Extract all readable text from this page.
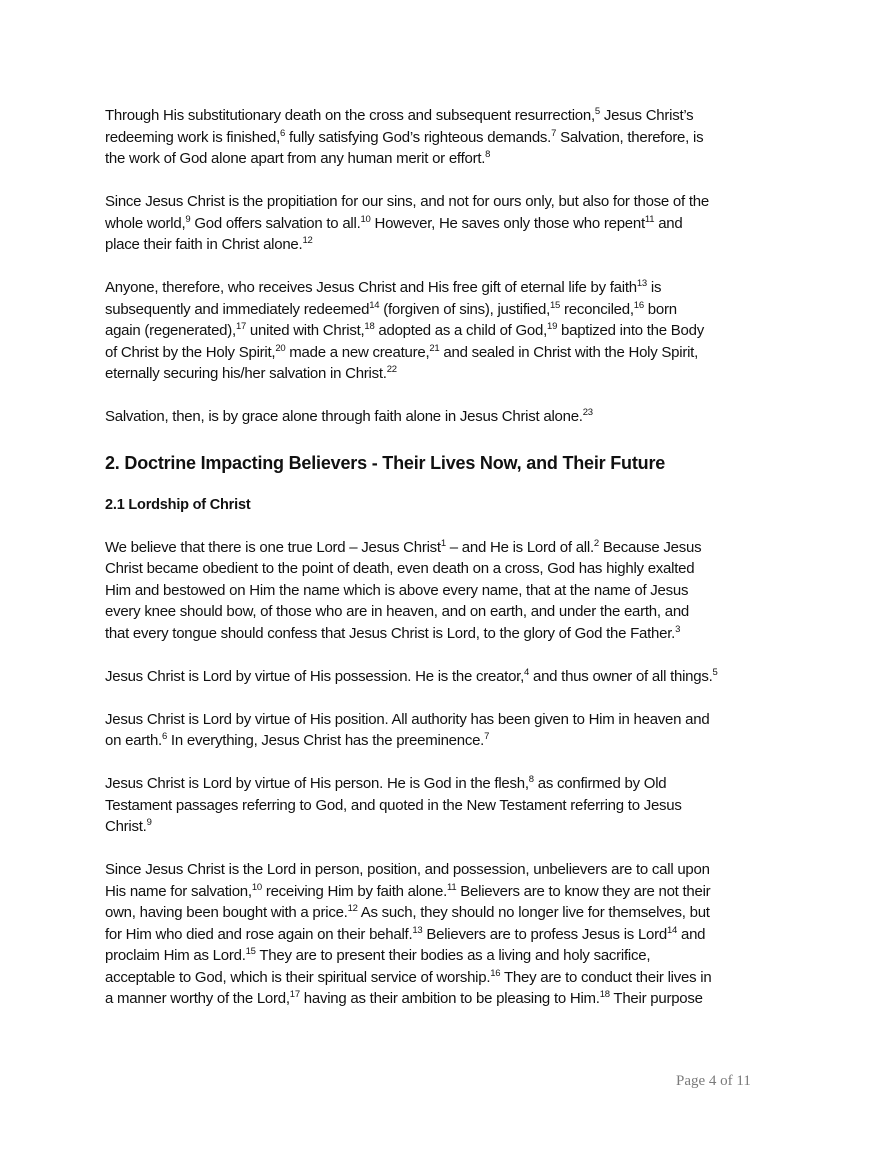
Through His substitutionary death on the cross and subsequent resurrection,$^5$ Jesus Christ’s
redeeming work is finished,$^6$ fully satisfying God’s righteous demands.$^7$ Salvation, therefore, is
the work of God alone apart from any human merit or effort.$^8$
Since Jesus Christ is the propitiation for our sins, and not for ours only, but also for those of the
whole world,$^9$ God offers salvation to all.$^{10}$ However, He saves only those who repent$^{11}$ and
place their faith in Christ alone.$^{12}$
Anyone, therefore, who receives Jesus Christ and His free gift of eternal life by faith$^{13}$ is
subsequently and immediately redeemed$^{14}$ (forgiven of sins), justified,$^{15}$ reconciled,$^{16}$ born
again (regenerated),$^{17}$ united with Christ,$^{18}$ adopted as a child of God,$^{19}$ baptized into the Body
of Christ by the Holy Spirit,$^{20}$ made a new creature,$^{21}$ and sealed in Christ with the Holy Spirit,
eternally securing his/her salvation in Christ.$^{22}$
Salvation, then, is by grace alone through faith alone in Jesus Christ alone.$^{23}$
2. Doctrine Impacting Believers - Their Lives Now, and Their Future
2.1 Lordship of Christ
We believe that there is one true Lord – Jesus Christ$^1$ – and He is Lord of all.$^2$ Because Jesus
Christ became obedient to the point of death, even death on a cross, God has highly exalted
Him and bestowed on Him the name which is above every name, that at the name of Jesus
every knee should bow, of those who are in heaven, and on earth, and under the earth, and
that every tongue should confess that Jesus Christ is Lord, to the glory of God the Father.$^3$
Jesus Christ is Lord by virtue of His possession. He is the creator,$^4$ and thus owner of all things.$^5$
Jesus Christ is Lord by virtue of His position. All authority has been given to Him in heaven and
on earth.$^6$ In everything, Jesus Christ has the preeminence.$^7$
Jesus Christ is Lord by virtue of His person. He is God in the flesh,$^8$ as confirmed by Old
Testament passages referring to God, and quoted in the New Testament referring to Jesus
Christ.$^9$
Since Jesus Christ is the Lord in person, position, and possession, unbelievers are to call upon
His name for salvation,$^{10}$ receiving Him by faith alone.$^{11}$ Believers are to know they are not their
own, having been bought with a price.$^{12}$ As such, they should no longer live for themselves, but
for Him who died and rose again on their behalf.$^{13}$ Believers are to profess Jesus is Lord$^{14}$ and
proclaim Him as Lord.$^{15}$ They are to present their bodies as a living and holy sacrifice,
acceptable to God, which is their spiritual service of worship.$^{16}$ They are to conduct their lives in
a manner worthy of the Lord,$^{17}$ having as their ambition to be pleasing to Him.$^{18}$ Their purpose
Page 4 of 11
